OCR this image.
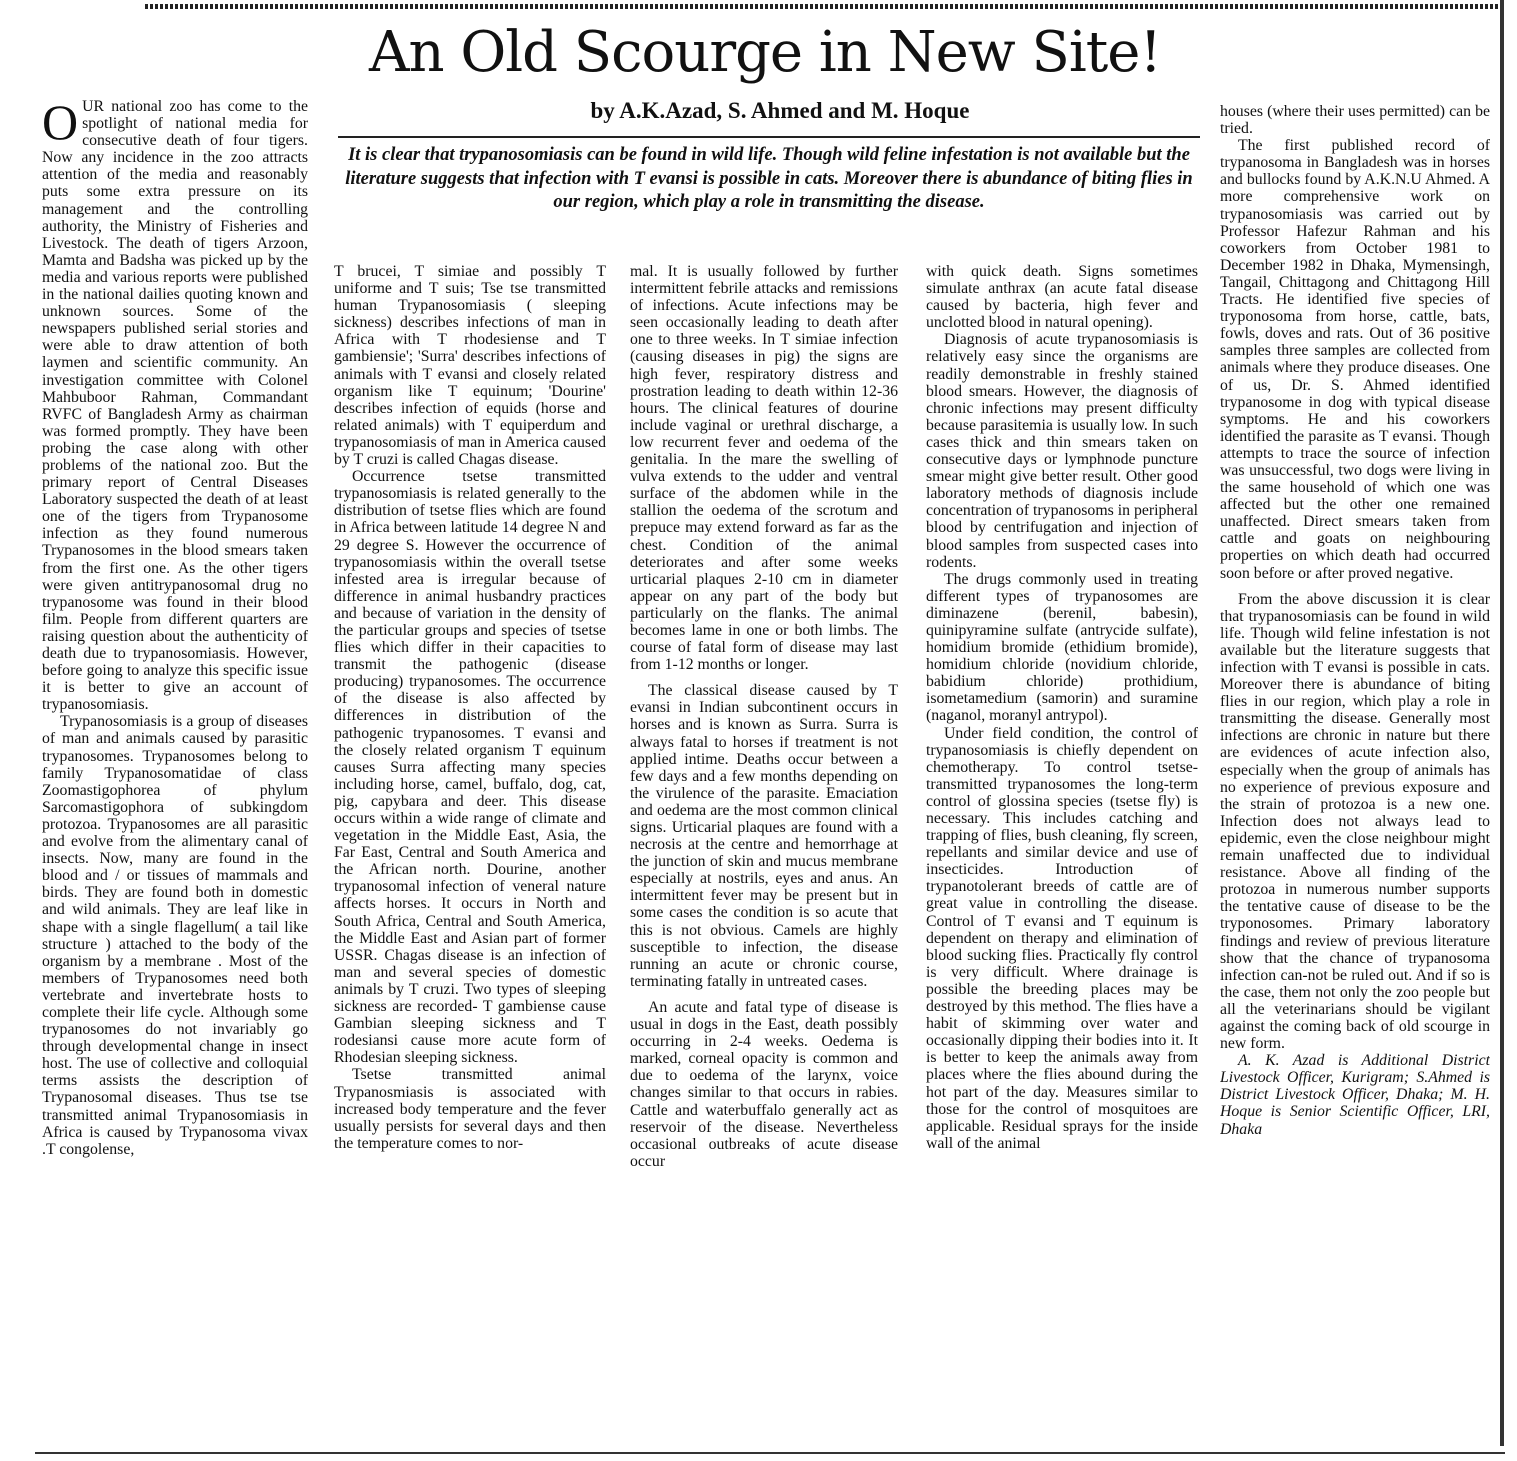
An Old Scourge in New Site!
by A.K.Azad, S. Ahmed and M. Hoque
It is clear that trypanosomiasis can be found in wild life. Though wild feline infestation is not available but the literature suggests that infection with T evansi is possible in cats. Moreover there is abundance of biting flies in our region, which play a role in transmitting the disease.

OUR national zoo has come to the spotlight of national media for consecutive death of four tigers. Now any incidence in the zoo attracts attention of the media and reasonably puts some extra pressure on its management and the controlling authority, the Ministry of Fisheries and Livestock. The death of tigers Arzoon, Mamta and Badsha was picked up by the media and various reports were published in the national dailies quoting known and unknown sources. Some of the newspapers published serial stories and were able to draw attention of both laymen and scientific community. An investigation committee with Colonel Mahbuboor Rahman, Commandant RVFC of Bangladesh Army as chairman was formed promptly. They have been probing the case along with other problems of the national zoo. But the primary report of Central Diseases Laboratory suspected the death of at least one of the tigers from Trypanosome infection as they found numerous Trypanosomes in the blood smears taken from the first one. As the other tigers were given antitrypanosomal drug no trypanosome was found in their blood film. People from different quarters are raising question about the authenticity of death due to trypanosomiasis. However, before going to analyze this specific issue it is better to give an account of trypanosomiasis.

Trypanosomiasis is a group of diseases of man and animals caused by parasitic trypanosomes. Trypanosomes belong to family Trypanosomatidae of class Zoomastigophorea of phylum Sarcomastigophora of subkingdom protozoa. Trypanosomes are all parasitic and evolve from the alimentary canal of insects. Now, many are found in the blood and / or tissues of mammals and birds. They are found both in domestic and wild animals. They are leaf like in shape with a single flagellum( a tail like structure ) attached to the body of the organism by a membrane . Most of the members of Trypanosomes need both vertebrate and invertebrate hosts to complete their life cycle. Although some trypanosomes do not invariably go through developmental change in insect host. The use of collective and colloquial terms assists the description of Trypanosomal diseases. Thus tse tse transmitted animal Trypanosomiasis in Africa is caused by Trypanosoma vivax .T congolense,

T brucei, T simiae and possibly T uniforme and T suis; Tse tse transmitted human Trypanosomiasis ( sleeping sickness) describes infections of man in Africa with T rhodesiense and T gambiensie'; 'Surra' describes infections of animals with T evansi and closely related organism like T equinum; 'Dourine' describes infection of equids (horse and related animals) with T equiperdum and trypanosomiasis of man in America caused by T cruzi is called Chagas disease.

Occurrence tsetse transmitted trypanosomiasis is related generally to the distribution of tsetse flies which are found in Africa between latitude 14 degree N and 29 degree S. However the occurrence of trypanosomiasis within the overall tsetse infested area is irregular because of difference in animal husbandry practices and because of variation in the density of the particular groups and species of tsetse flies which differ in their capacities to transmit the pathogenic (disease producing) trypanosomes. The occurrence of the disease is also affected by differences in distribution of the pathogenic trypanosomes. T evansi and the closely related organism T equinum causes Surra affecting many species including horse, camel, buffalo, dog, cat, pig, capybara and deer. This disease occurs within a wide range of climate and vegetation in the Middle East, Asia, the Far East, Central and South America and the African north. Dourine, another trypanosomal infection of veneral nature affects horses. It occurs in North and South Africa, Central and South America, the Middle East and Asian part of former USSR. Chagas disease is an infection of man and several species of domestic animals by T cruzi. Two types of sleeping sickness are recorded- T gambiense cause Gambian sleeping sickness and T rodesiansi cause more acute form of Rhodesian sleeping sickness.

Tsetse transmitted animal Trypanosmiasis is associated with increased body temperature and the fever usually persists for several days and then the temperature comes to nor-

mal. It is usually followed by further intermittent febrile attacks and remissions of infections. Acute infections may be seen occasionally leading to death after one to three weeks. In T simiae infection (causing diseases in pig) the signs are high fever, respiratory distress and prostration leading to death within 12-36 hours. The clinical features of dourine include vaginal or urethral discharge, a low recurrent fever and oedema of the genitalia. In the mare the swelling of vulva extends to the udder and ventral surface of the abdomen while in the stallion the oedema of the scrotum and prepuce may extend forward as far as the chest. Condition of the animal deteriorates and after some weeks urticarial plaques 2-10 cm in diameter appear on any part of the body but particularly on the flanks. The animal becomes lame in one or both limbs. The course of fatal form of disease may last from 1-12 months or longer.

The classical disease caused by T evansi in Indian subcontinent occurs in horses and is known as Surra. Surra is always fatal to horses if treatment is not applied intime. Deaths occur between a few days and a few months depending on the virulence of the parasite. Emaciation and oedema are the most common clinical signs. Urticarial plaques are found with a necrosis at the centre and hemorrhage at the junction of skin and mucus membrane especially at nostrils, eyes and anus. An intermittent fever may be present but in some cases the condition is so acute that this is not obvious. Camels are highly susceptible to infection, the disease running an acute or chronic course, terminating fatally in untreated cases.

An acute and fatal type of disease is usual in dogs in the East, death possibly occurring in 2-4 weeks. Oedema is marked, corneal opacity is common and due to oedema of the larynx, voice changes similar to that occurs in rabies. Cattle and waterbuffalo generally act as reservoir of the disease. Nevertheless occasional outbreaks of acute disease occur

with quick death. Signs sometimes simulate anthrax (an acute fatal disease caused by bacteria, high fever and unclotted blood in natural opening).

Diagnosis of acute trypanosomiasis is relatively easy since the organisms are readily demonstrable in freshly stained blood smears. However, the diagnosis of chronic infections may present difficulty because parasitemia is usually low. In such cases thick and thin smears taken on consecutive days or lymphnode puncture smear might give better result. Other good laboratory methods of diagnosis include concentration of trypanosoms in peripheral blood by centrifugation and injection of blood samples from suspected cases into rodents.

The drugs commonly used in treating different types of trypanosomes are diminazene (berenil, babesin), quinipyramine sulfate (antrycide sulfate), homidium bromide (ethidium bromide), homidium chloride (novidium chloride, babidium chloride) prothidium, isometamedium (samorin) and suramine (naganol, moranyl antrypol).

Under field condition, the control of trypanosomiasis is chiefly dependent on chemotherapy. To control tsetse-transmitted trypanosomes the long-term control of glossina species (tsetse fly) is necessary. This includes catching and trapping of flies, bush cleaning, fly screen, repellants and similar device and use of insecticides. Introduction of trypanotolerant breeds of cattle are of great value in controlling the disease. Control of T evansi and T equinum is dependent on therapy and elimination of blood sucking flies. Practically fly control is very difficult. Where drainage is possible the breeding places may be destroyed by this method. The flies have a habit of skimming over water and occasionally dipping their bodies into it. It is better to keep the animals away from places where the flies abound during the hot part of the day. Measures similar to those for the control of mosquitoes are applicable. Residual sprays for the inside wall of the animal

houses (where their uses permitted) can be tried.

The first published record of trypanosoma in Bangladesh was in horses and bullocks found by A.K.N.U Ahmed. A more comprehensive work on trypanosomiasis was carried out by Professor Hafezur Rahman and his coworkers from October 1981 to December 1982 in Dhaka, Mymensingh, Tangail, Chittagong and Chittagong Hill Tracts. He identified five species of tryponosoma from horse, cattle, bats, fowls, doves and rats. Out of 36 positive samples three samples are collected from animals where they produce diseases. One of us, Dr. S. Ahmed identified trypanosome in dog with typical disease symptoms. He and his coworkers identified the parasite as T evansi. Though attempts to trace the source of infection was unsuccessful, two dogs were living in the same household of which one was affected but the other one remained unaffected. Direct smears taken from cattle and goats on neighbouring properties on which death had occurred soon before or after proved negative.

From the above discussion it is clear that trypanosomiasis can be found in wild life. Though wild feline infestation is not available but the literature suggests that infection with T evansi is possible in cats. Moreover there is abundance of biting flies in our region, which play a role in transmitting the disease. Generally most infections are chronic in nature but there are evidences of acute infection also, especially when the group of animals has no experience of previous exposure and the strain of protozoa is a new one. Infection does not always lead to epidemic, even the close neighbour might remain unaffected due to individual resistance. Above all finding of the protozoa in numerous number supports the tentative cause of disease to be the tryponosomes. Primary laboratory findings and review of previous literature show that the chance of trypanosoma infection can-not be ruled out. And if so is the case, them not only the zoo people but all the veterinarians should be vigilant against the coming back of old scourge in new form.

A. K. Azad is Additional District Livestock Officer, Kurigram; S.Ahmed is District Livestock Officer, Dhaka; M. H. Hoque is Senior Scientific Officer, LRI, Dhaka
